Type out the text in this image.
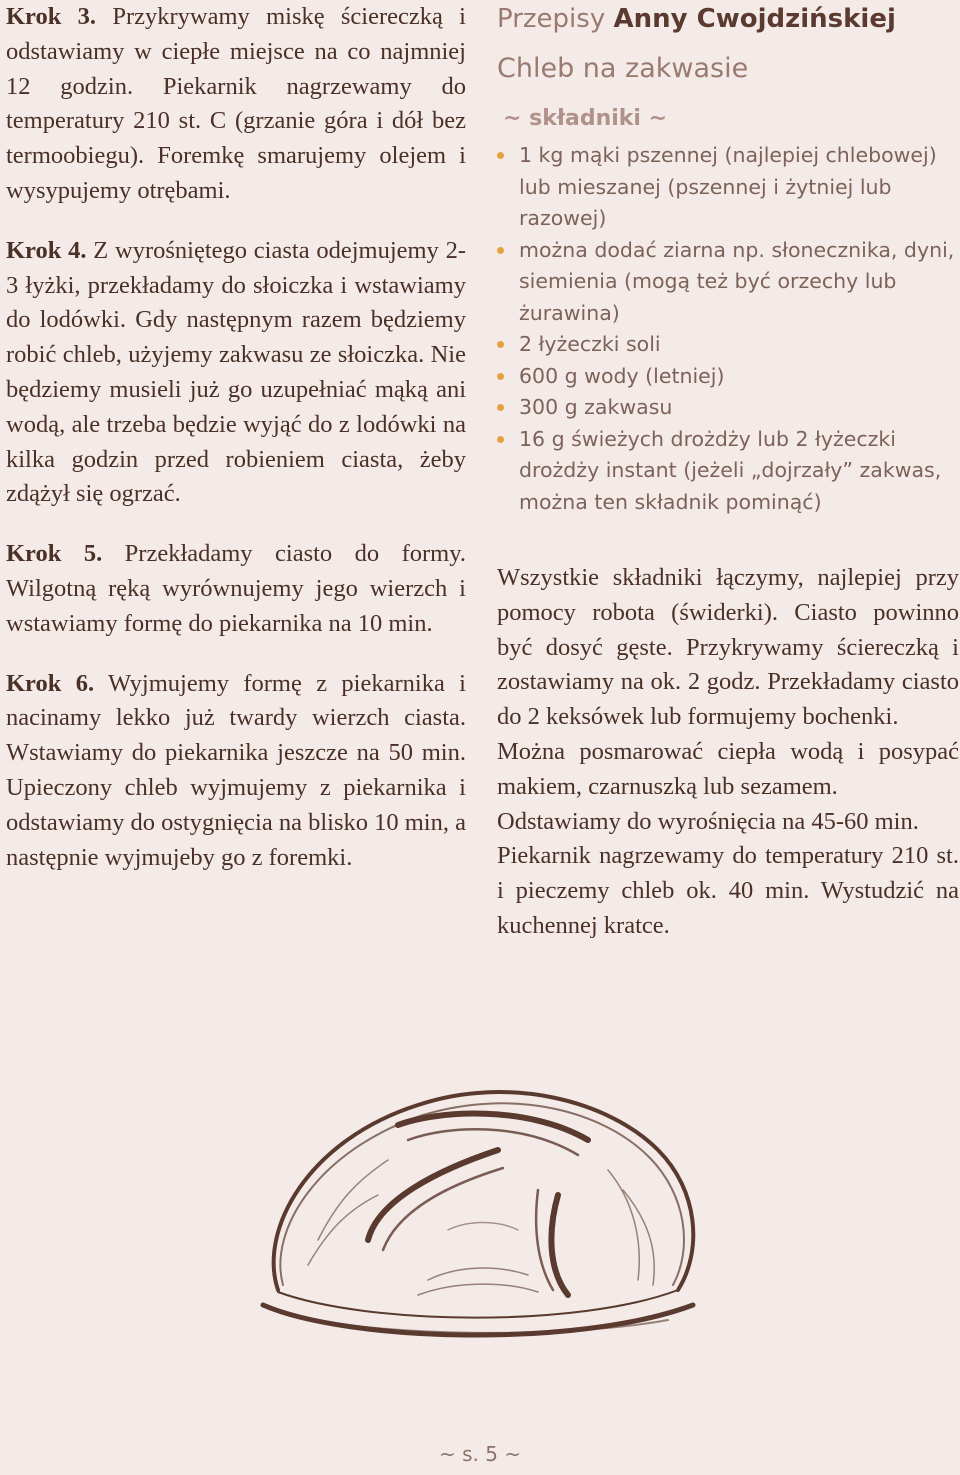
Krok 3. Przykrywamy miskę ściereczką i odstawiamy w ciepłe miejsce na co najmniej 12 godzin. Piekarnik nagrzewamy do temperatury 210 st. C (grzanie góra i dół bez termoobiegu). Foremkę smarujemy olejem i wysypujemy otrębami.

Krok 4. Z wyrośniętego ciasta odejmujemy 2-3 łyżki, przekładamy do słoiczka i wstawiamy do lodówki. Gdy następnym razem będziemy robić chleb, użyjemy zakwasu ze słoiczka. Nie będziemy musieli już go uzupełniać mąką ani wodą, ale trzeba będzie wyjąć do z lodówki na kilka godzin przed robieniem ciasta, żeby zdążył się ogrzać.

Krok 5. Przekładamy ciasto do formy. Wilgotną ręką wyrównujemy jego wierzch i wstawiamy formę do piekarnika na 10 min.

Krok 6. Wyjmujemy formę z piekarnika i nacinamy lekko już twardy wierzch ciasta. Wstawiamy do piekarnika jeszcze na 50 min. Upieczony chleb wyjmujemy z piekarnika i odstawiamy do ostygnięcia na blisko 10 min, a następnie wyjmujeby go z foremki.

Przepisy Anny Cwojdzińskiej
Chleb na zakwasie
~ składniki ~
1 kg mąki pszennej (najlepiej chlebowej) lub mieszanej (pszennej i żytniej lub razowej)
można dodać ziarna np. słonecznika, dyni, siemienia (mogą też być orzechy lub żurawina)
2 łyżeczki soli
600 g wody (letniej)
300 g zakwasu
16 g świeżych drożdży lub 2 łyżeczki drożdży instant (jeżeli „dojrzały” zakwas, można ten składnik pominąć)

Wszystkie składniki łączymy, najlepiej przy pomocy robota (świderki). Ciasto powinno być dosyć gęste. Przykrywamy ściereczką i zostawiamy na ok. 2 godz. Przekładamy ciasto do 2 keksówek lub formujemy bochenki.

Można posmarować ciepła wodą i posypać makiem, czarnuszką lub sezamem.

Odstawiamy do wyrośnięcia na 45-60 min.

Piekarnik nagrzewamy do temperatury 210 st. i pieczemy chleb ok. 40 min. Wystudzić na kuchennej kratce.

~ s. 5 ~
